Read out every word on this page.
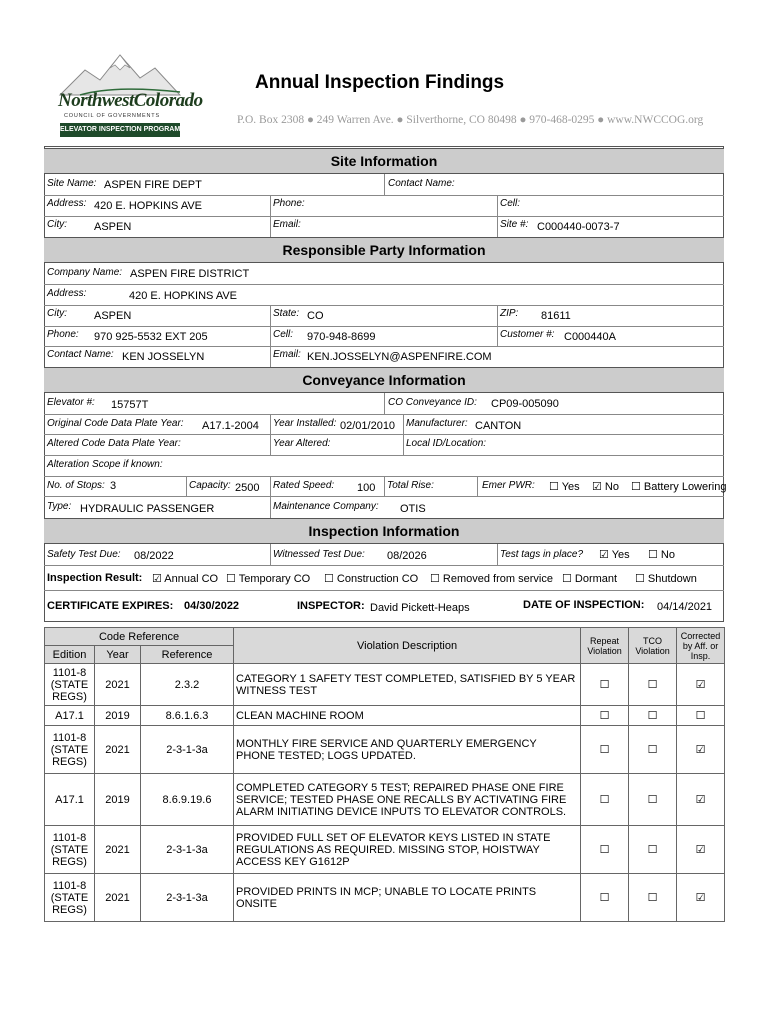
NorthwestColorado
COUNCIL OF GOVERNMENTS
ELEVATOR INSPECTION PROGRAM
Annual Inspection Findings
P.O. Box 2308 ● 249 Warren Ave. ● Silverthorne, CO 80498 ● 970-468-0295 ● www.NWCCOG.org
Site Information
Site Name: ASPEN FIRE DEPT	Contact Name:
Address: 420 E. HOPKINS AVE	Phone:	Cell:
City: ASPEN	Email:	Site #: C000440-0073-7
Responsible Party Information
Company Name: ASPEN FIRE DISTRICT
Address:	420 E. HOPKINS AVE
City: ASPEN	State: CO	ZIP: 81611
Phone: 970 925-5532 EXT 205	Cell: 970-948-8699	Customer #: C000440A
Contact Name: KEN JOSSELYN	Email: KEN.JOSSELYN@ASPENFIRE.COM
Conveyance Information
Elevator #: 15757T	CO Conveyance ID: CP09-005090
Original Code Data Plate Year: A17.1-2004 Year Installed: 02/01/2010 Manufacturer: CANTON
Altered Code Data Plate Year:	Year Altered:	Local ID/Location:
Alteration Scope if known:
No. of Stops: 3	Capacity: 2500 Rated Speed: 100 Total Rise:	Emer PWR: ☐ Yes ☑ No ☐ Battery Lowering
Type: HYDRAULIC PASSENGER	Maintenance Company: OTIS
Inspection Information
Safety Test Due: 08/2022	Witnessed Test Due: 08/2026	Test tags in place? ☑ Yes ☐ No
Inspection Result: ☑ Annual CO ☐ Temporary CO ☐ Construction CO ☐ Removed from service ☐ Dormant ☐ Shutdown
CERTIFICATE EXPIRES: 04/30/2022	INSPECTOR: David Pickett-Heaps	DATE OF INSPECTION: 04/14/2021
Code Reference			Violation Description	Repeat Violation	TCO Violation	Corrected by Aff. or Insp.
Edition	Year	Reference				
1101-8 (STATE REGS)	2021	2.3.2	CATEGORY 1 SAFETY TEST COMPLETED, SATISFIED BY 5 YEAR WITNESS TEST	☐	☐	☑
A17.1	2019	8.6.1.6.3	CLEAN MACHINE ROOM	☐	☐	☐
1101-8 (STATE REGS)	2021	2-3-1-3a	MONTHLY FIRE SERVICE AND QUARTERLY EMERGENCY PHONE TESTED; LOGS UPDATED.	☐	☐	☑
A17.1	2019	8.6.9.19.6	COMPLETED CATEGORY 5 TEST; REPAIRED PHASE ONE FIRE SERVICE; TESTED PHASE ONE RECALLS BY ACTIVATING FIRE ALARM INITIATING DEVICE INPUTS TO ELEVATOR CONTROLS.	☐	☐	☑
1101-8 (STATE REGS)	2021	2-3-1-3a	PROVIDED FULL SET OF ELEVATOR KEYS LISTED IN STATE REGULATIONS AS REQUIRED. MISSING STOP, HOISTWAY ACCESS KEY G1612P	☐	☐	☑
1101-8 (STATE REGS)	2021	2-3-1-3a	PROVIDED PRINTS IN MCP; UNABLE TO LOCATE PRINTS ONSITE	☐	☐	☑
